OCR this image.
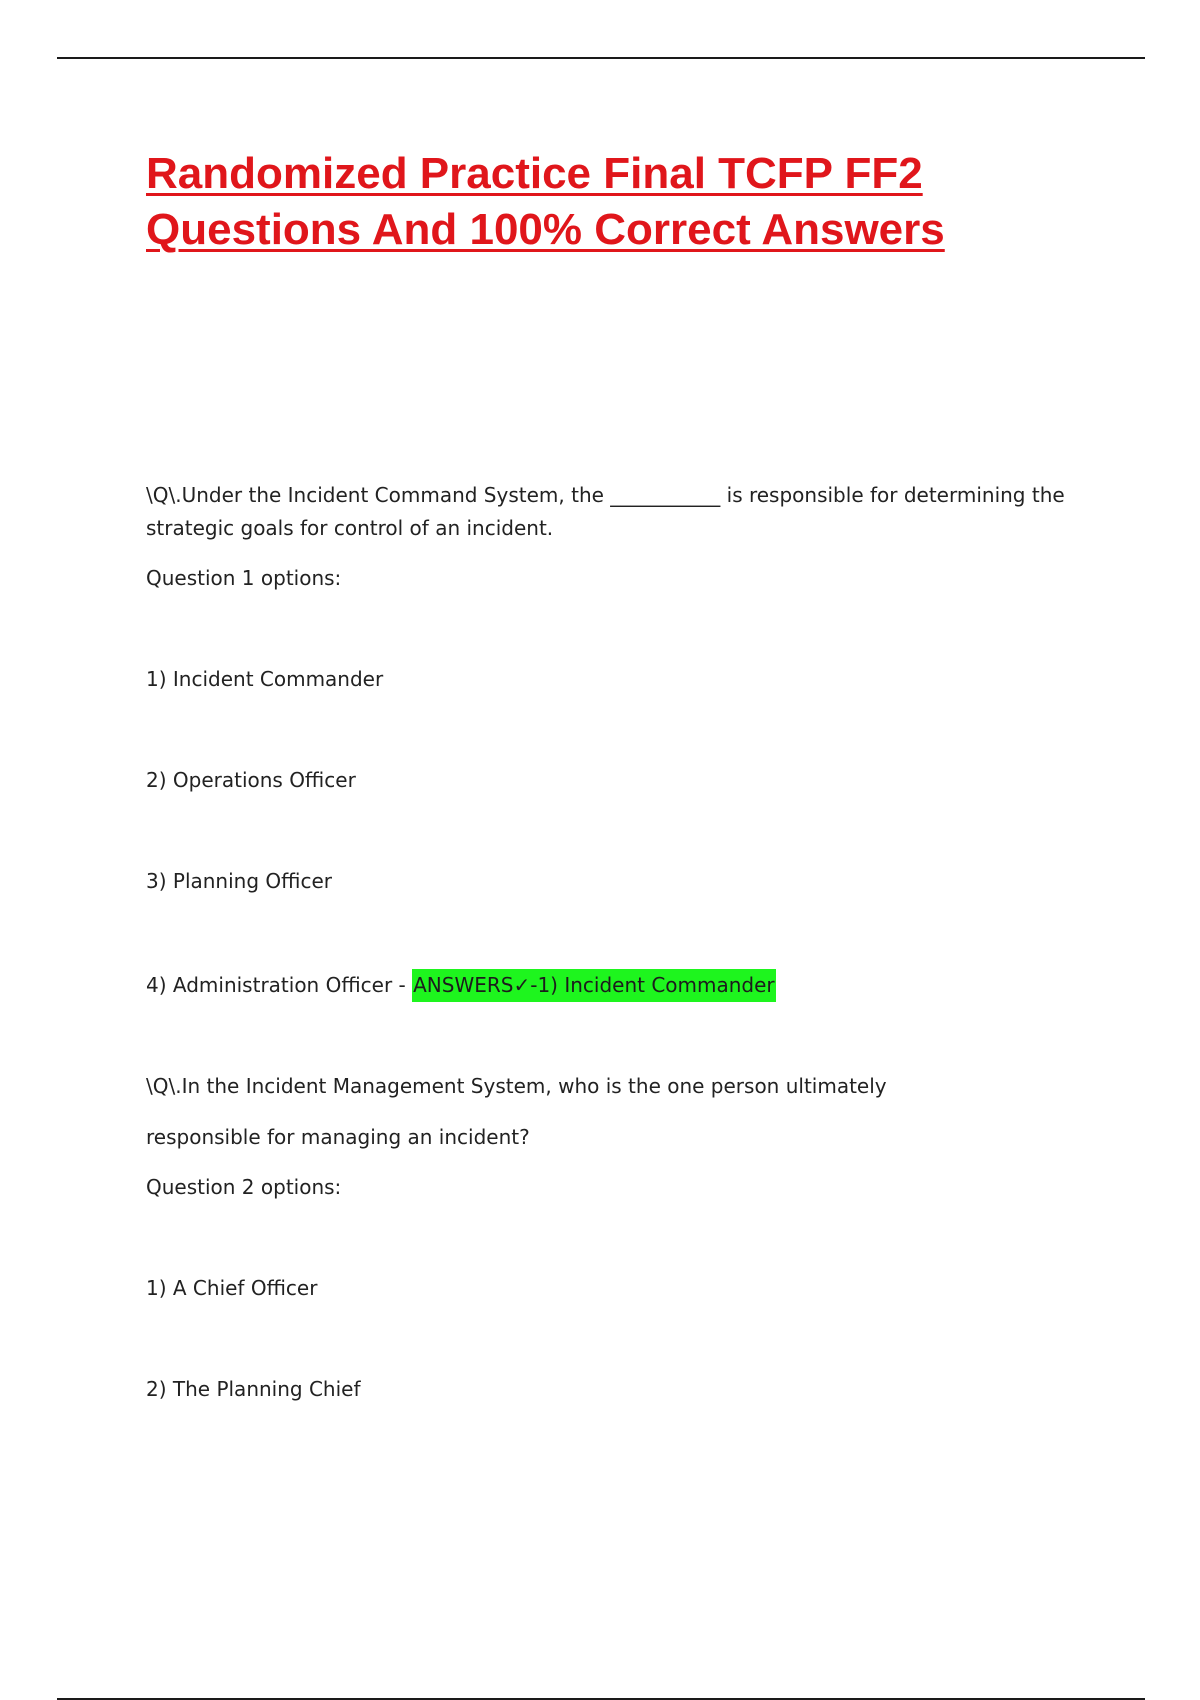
Randomized Practice Final TCFP FF2
Questions And 100% Correct Answers

\Q\.Under the Incident Command System, the ___________ is responsible for determining the

strategic goals for control of an incident.

Question 1 options:

1) Incident Commander

2) Operations Officer

3) Planning Officer

4) Administration Officer - ANSWERS✓-1) Incident Commander

\Q\.In the Incident Management System, who is the one person ultimately

responsible for managing an incident?

Question 2 options:

1) A Chief Officer

2) The Planning Chief
